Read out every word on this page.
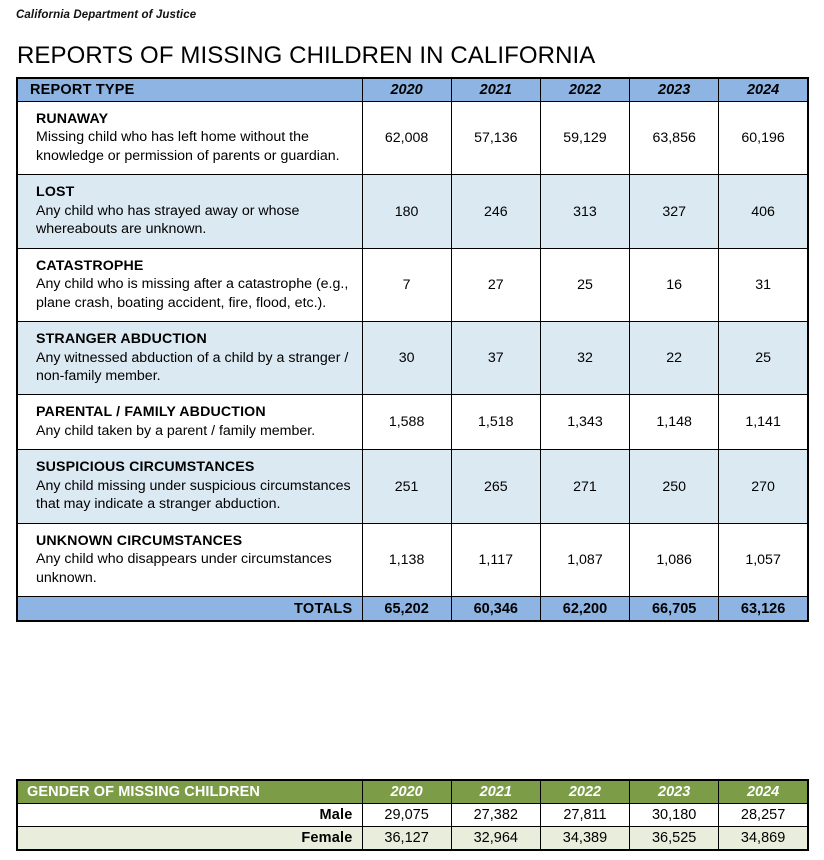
California Department of Justice
REPORTS OF MISSING CHILDREN IN CALIFORNIA
REPORT TYPE	2020	2021	2022	2023	2024

RUNAWAY
Missing child who has left home without the knowledge or permission of parents or guardian.	62,008	57,136	59,129	63,856	60,196

LOST
Any child who has strayed away or whose whereabouts are unknown.	180	246	313	327	406

CATASTROPHE
Any child who is missing after a catastrophe (e.g., plane crash, boating accident, fire, flood, etc.).	7	27	25	16	31

STRANGER ABDUCTION
Any witnessed abduction of a child by a stranger / non-family member.	30	37	32	22	25

PARENTAL / FAMILY ABDUCTION
Any child taken by a parent / family member.	1,588	1,518	1,343	1,148	1,141

SUSPICIOUS CIRCUMSTANCES
Any child missing under suspicious circumstances that may indicate a stranger abduction.	251	265	271	250	270

UNKNOWN CIRCUMSTANCES
Any child who disappears under circumstances unknown.	1,138	1,117	1,087	1,086	1,057
TOTALS	65,202	60,346	62,200	66,705	63,126
GENDER OF MISSING CHILDREN	2020	2021	2022	2023	2024
Male	29,075	27,382	27,811	30,180	28,257
Female	36,127	32,964	34,389	36,525	34,869
